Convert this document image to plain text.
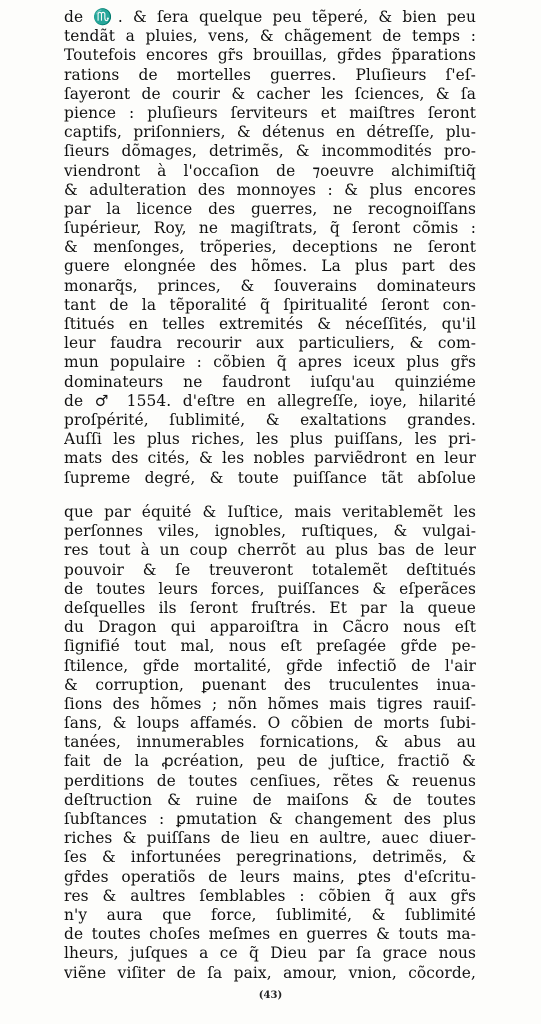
de ♏. & ſera quelque peu tẽperé, & bien peu
tendãt a pluies, vens, & chãgement de temps :
Toutefois encores gr̃s brouillas, gr̃des p̃parations
rations de mortelles guerres. Pluſieurs ſ'eſ-
ſayeront de courir & cacher les ſciences, & ſa
pience : pluſieurs ſerviteurs et maiſtres ſeront
captifs, priſonniers, & détenus en détreſſe, plu-
ſieurs dõmages, detrimẽs, & incommodités pro-
viendront à l'occaſion de ⁊oeuvre alchimiſtiq̃
& adulteration des monnoyes : & plus encores
par la licence des guerres, ne recognoiſſans
ſupérieur, Roy, ne magiſtrats, q̃ ſeront cõmis :
& menſonges, trõperies, deceptions ne ſeront
guere elongnée des hõmes. La plus part des
monarq̃s, princes, & ſouverains dominateurs
tant de la tẽporalité q̃ ſpiritualité ſeront con-
ſtitués en telles extremités & néceſſités, qu'il
leur faudra recourir aux particuliers, & com-
mun populaire : cõbien q̃ apres iceux plus gr̃s
dominateurs ne faudront iuſqu'au quinziéme
de ♂ 1554. d'eſtre en allegreſſe, ioye, hilarité
proſpérité, ſublimité, & exaltations grandes.
Auſſi les plus riches, les plus puiſſans, les pri-
mats des cités, & les nobles parviẽdront en leur
ſupreme degré, & toute puiſſance tãt abſolue
que par équité & Iuſtice, mais veritablemẽt les
perſonnes viles, ignobles, ruſtiques, & vulgai-
res tout à un coup cherrõt au plus bas de leur
pouvoir & ſe treuveront totalemẽt deſtitués
de toutes leurs forces, puiſſances & eſperãces
deſquelles ils ſeront fruſtrés. Et par la queue
du Dragon qui apparoiſtra in Cãcro nous eſt
ſignifié tout mal, nous eſt preſagée gr̃de pe-
ſtilence, gr̃de mortalité, gr̃de infectiõ de l'air
& corruption, ꝑuenant des truculentes inua-
ſions des hõmes ; nõn hõmes mais tigres rauiſ-
ſans, & loups affamés. O cõbien de morts ſubi-
tanées, innumerables fornications, & abus au
fait de la ꝓcréation, peu de juſtice, fractiõ &
perditions de toutes cenſiues, rẽtes & reuenus
deſtruction & ruine de maiſons & de toutes
ſubſtances : ꝑmutation & changement des plus
riches & puiſſans de lieu en aultre, auec diuer-
ſes & infortunées peregrinations, detrimẽs, &
gr̃des operatiõs de leurs mains, ꝑtes d'eſcritu-
res & aultres ſemblables : cõbien q̃ aux gr̃s
n'y aura que force, ſublimité, & ſublimité
de toutes choſes meſmes en guerres & touts ma-
lheurs, juſques a ce q̃ Dieu par ſa grace nous
viẽne viſiter de ſa paix, amour, vnion, cõcorde,
(43)
